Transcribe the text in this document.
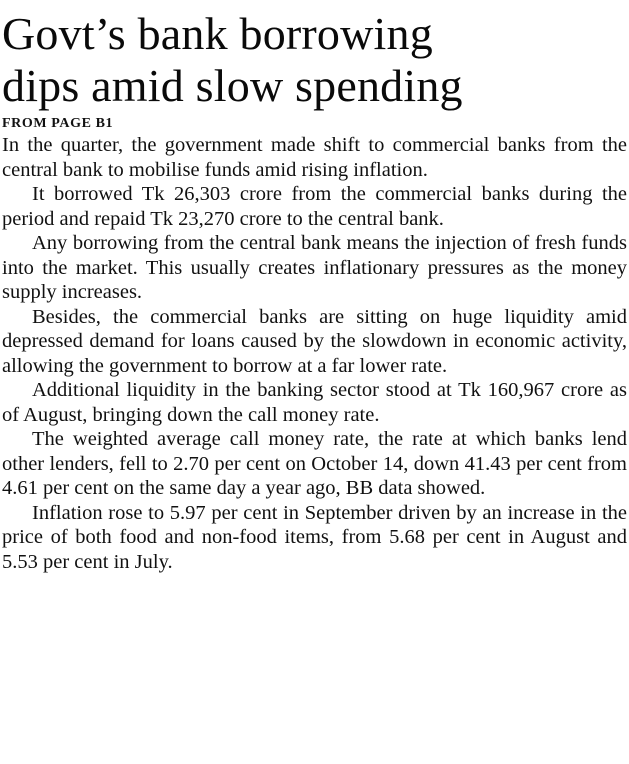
Govt’s bank borrowing
dips amid slow spending
FROM PAGE B1

In the quarter, the government made shift to commercial banks from the central bank to mobilise funds amid rising inflation.

It borrowed Tk 26,303 crore from the commercial banks during the period and repaid Tk 23,270 crore to the central bank.

Any borrowing from the central bank means the injection of fresh funds into the market. This usually creates inflationary pressures as the money supply increases.

Besides, the commercial banks are sitting on huge liquidity amid depressed demand for loans caused by the slowdown in economic activity, allowing the government to borrow at a far lower rate.

Additional liquidity in the banking sector stood at Tk 160,967 crore as of August, bringing down the call money rate.

The weighted average call money rate, the rate at which banks lend other lenders, fell to 2.70 per cent on October 14, down 41.43 per cent from 4.61 per cent on the same day a year ago, BB data showed.

Inflation rose to 5.97 per cent in September driven by an increase in the price of both food and non-food items, from 5.68 per cent in August and 5.53 per cent in July.
